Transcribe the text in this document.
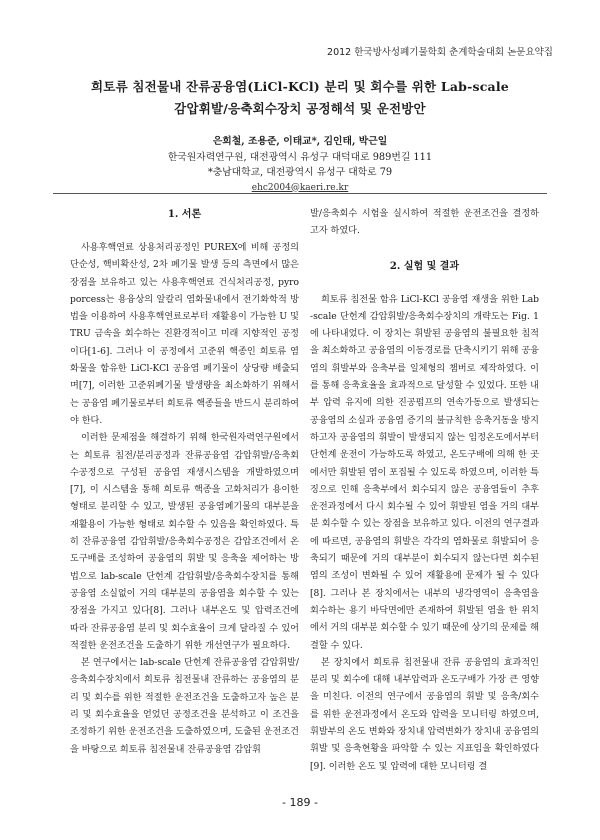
2012 한국방사성폐기물학회 춘계학술대회 논문요약집

희토류 침전물내 잔류공융염(LiCl-KCl) 분리 및 회수를 위한 Lab-scale

감압휘발/응축회수장치 공정해석 및 운전방안

은희철, 조용준, 이태교*, 김인태, 박근일
한국원자력연구원, 대전광역시 유성구 대덕대로 989번길 111
*충남대학교, 대전광역시 유성구 대학로 79
ehc2004@kaeri.re.kr
1. 서론

사용후핵연료 상용처리공정인 PUREX에 비해 공정의 단순성, 핵비확산성, 2차 폐기물 발생 등의 측면에서 많은 장점을 보유하고 있는 사용후핵연료 건식처리공정, pyroporcess는 용융상의 알칼리 염화물내에서 전기화학적 방법을 이용하여 사용후핵연료로부터 재활용이 가능한 U 및 TRU 금속을 회수하는 진환경적이고 미래 지향적인 공정이다[1-6]. 그러나 이 공정에서 고준위 핵종인 희토류 염화물을 함유한 LiCl-KCl 공융염 폐기물이 상당량 배출되며[7], 이러한 고준위폐기물 발생량을 최소화하기 위해서는 공융염 폐기물로부터 희토류 핵종들을 반드시 분리하여야 한다.

이러한 문제점을 해결하기 위해 한국원자력연구원에서는 희토류 침전/분리공정과 잔류공융염 감압휘발/응축회수공정으로 구성된 공융염 재생시스템을 개발하였으며[7], 이 시스템을 통해 희토류 핵종을 고화처리가 용이한 형태로 분리할 수 있고, 발생된 공융염폐기물의 대부분을 재활용이 가능한 형태로 회수할 수 있음을 확인하였다. 특히 잔류공융염 감압휘발/응축회수공정은 감압조건에서 온도구배를 조성하여 공융염의 휘발 및 응축을 제어하는 방법으로 lab-scale 단헌계 감압휘발/응축회수장치를 통해 공융염 소실없이 거의 대부분의 공융염을 회수할 수 있는 장점을 가지고 있다[8]. 그러나 내부온도 및 압력조건에 따라 잔류공융염 분리 및 회수효율이 크게 달라질 수 있어 적절한 운전조건을 도출하기 위한 개선연구가 필요하다.

본 연구에서는 lab-scale 단헌계 잔류공융염 감압휘발/응축회수장치에서 희토류 침전물내 잔류하는 공융염의 분리 및 회수를 위한 적절한 운전조건을 도출하고자 높은 분리 및 회수효율을 얻었던 공정조건을 분석하고 이 조건을 조정하기 위한 운전조건을 도출하였으며, 도출된 운전조건을 바탕으로 희토류 침전물내 잔류공융염 감압휘

발/응축회수 시험을 실시하여 적절한 운전조건을 결정하고자 하였다.

2. 실험 및 결과

희토류 침전물 함유 LiCl-KCl 공융염 재생을 위한 Lab-scale 단헌계 감압휘발/응축회수장치의 개략도는 Fig. 1에 나타내었다. 이 장치는 휘발된 공융염의 불필요한 침적을 최소화하고 공융염의 이동경로를 단축시키기 위해 공융염의 휘발부와 응축부를 일체형의 챔버로 제작하였다. 이를 통해 응축효율을 효과적으로 달성할 수 있었다. 또한 내부 압력 유지에 의한 진공펌프의 연속가동으로 발생되는 공융염의 소실과 공융염 증기의 불규칙한 응축거동을 방지하고자 공융염의 휘발이 발생되지 않는 임정온도에서부터 단헌계 운전이 가능하도록 하였고, 온도구배에 의해 한 곳에서만 휘발된 염이 포집될 수 있도록 하였으며, 이러한 특징으로 인해 응축부에서 회수되지 않은 공융염들이 추후 운전과정에서 다시 회수될 수 있어 휘발된 염을 거의 대부분 회수할 수 있는 장점을 보유하고 있다. 이전의 연구결과에 따르면, 공융염의 휘발은 각각의 염화물로 휘발되어 응축되기 때문에 거의 대부분이 회수되지 않는다면 회수된 염의 조성이 변화될 수 있어 재활용에 문제가 될 수 있다[8]. 그러나 본 장치에서는 내부의 냉각영역이 응축염을 회수하는 용기 바닥면에만 존재하여 휘발된 염을 한 위치에서 거의 대부분 회수할 수 있기 때문에 상기의 문제를 해결할 수 있다.

본 장치에서 희토류 침전물내 잔류 공융염의 효과적인 분리 및 회수에 대해 내부압력과 온도구배가 가장 큰 영향을 미친다. 이전의 연구에서 공융염의 휘발 및 응축/회수를 위한 운전과정에서 온도와 압력을 모니터링 하였으며, 휘발부의 온도 변화와 장치내 압력변화가 장치내 공융염의 휘발 및 응축현황을 파악할 수 있는 지표임을 확인하였다[9]. 이러한 온도 및 압력에 대한 모니터링 결

- 189 -
